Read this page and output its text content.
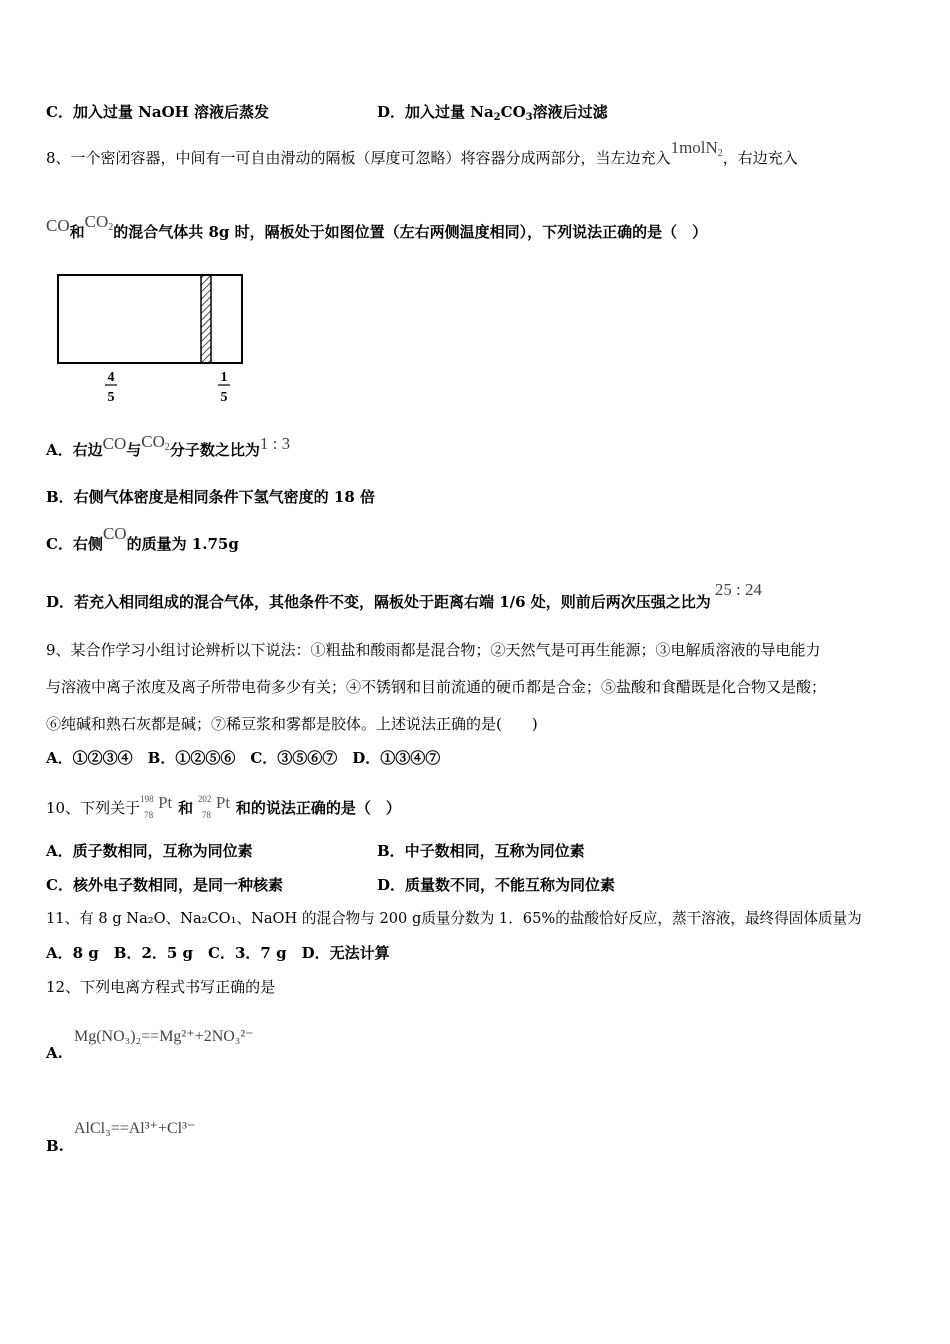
C．加入过量 NaOH 溶液后蒸发	D．加入过量 $Na_2CO_3$溶液后过滤
8、一个密闭容器，中间有一可自由滑动的隔板（厚度可忽略）将容器分成两部分，当左边充入1molN$_2$，右边充入
CO和$CO_2$的混合气体共 8g 时，隔板处于如图位置（左右两侧温度相同），下列说法正确的是（　）
4
5
1
5
A．右边CO与$CO_2$分子数之比为1 : 3
B．右侧气体密度是相同条件下氢气密度的 18 倍
C．右侧CO的质量为 1.75g
D．若充入相同组成的混合气体，其他条件不变，隔板处于距离右端 1/6 处，则前后两次压强之比为25 : 24
9、某合作学习小组讨论辨析以下说法：①粗盐和酸雨都是混合物；②天然气是可再生能源；③电解质溶液的导电能力
与溶液中离子浓度及离子所带电荷多少有关；④不锈钢和目前流通的硬币都是合金；⑤盐酸和食醋既是化合物又是酸；
⑥纯碱和熟石灰都是碱；⑦稀豆浆和雾都是胶体。上述说法正确的是(　　)
A．①②③④　B．①②⑤⑥　C．③⑤⑥⑦　D．①③④⑦
10、下列关于 198
78
Pt 和 202
78
Pt 和的说法正确的是（　）
A．质子数相同，互称为同位素	B．中子数相同，互称为同位素
C．核外电子数相同，是同一种核素	D．质量数不同，不能互称为同位素
11、有 8 g Na₂O、Na₂CO₁、NaOH 的混合物与 200 g质量分数为 1．65%的盐酸恰好反应，蒸干溶液，最终得固体质量为
A．8 g　B．2．5 g　C．3．7 g　D．无法计算
12、下列电离方程式书写正确的是
Mg(NO₃)₂==Mg²⁺+2NO₃²⁻
A.
AlCl₃==Al³⁺+Cl³⁻
B.
